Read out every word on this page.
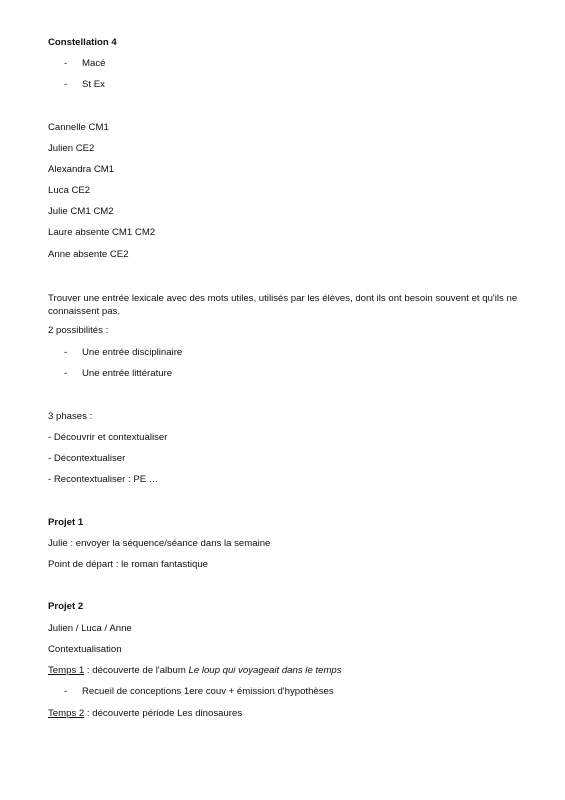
Constellation 4
- Macé
- St Ex
Cannelle CM1
Julien CE2
Alexandra CM1
Luca CE2
Julie CM1 CM2
Laure absente CM1 CM2
Anne absente CE2
Trouver une entrée lexicale avec des mots utiles, utilisés par les élèves, dont ils ont besoin souvent et qu'ils ne connaissent pas.
2 possibilités :
- Une entrée disciplinaire
- Une entrée littérature
3 phases :
- Découvrir et contextualiser
- Décontextualiser
- Recontextualiser : PE …
Projet 1
Julie : envoyer la séquence/séance dans la semaine
Point de départ : le roman fantastique
Projet 2
Julien / Luca / Anne
Contextualisation
Temps 1 : découverte de l'album Le loup qui voyageait dans le temps
- Recueil de conceptions 1ere couv + émission d'hypothèses
Temps 2 : découverte période Les dinosaures
